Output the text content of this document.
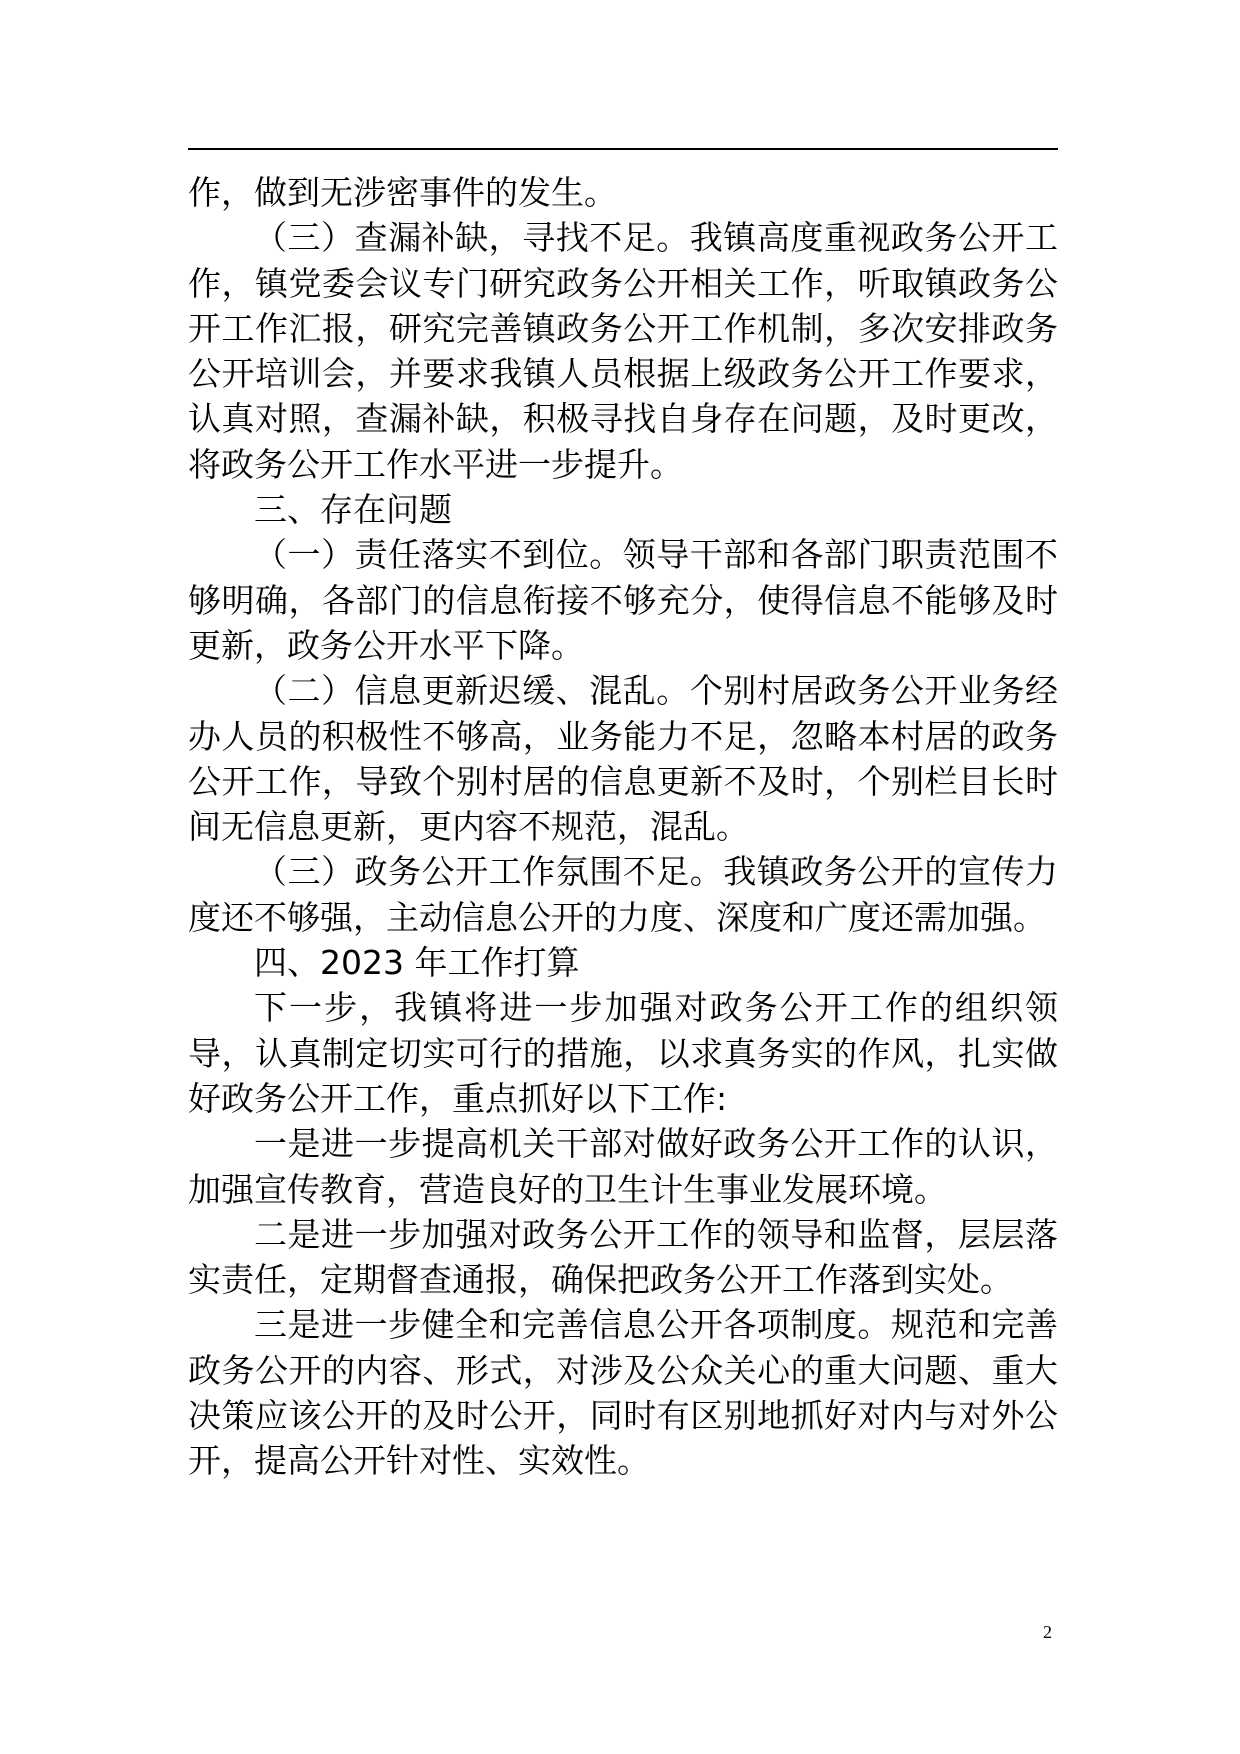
作，做到无涉密事件的发生。

（三）查漏补缺，寻找不足。我镇高度重视政务公开工作，镇党委会议专门研究政务公开相关工作，听取镇政务公开工作汇报，研究完善镇政务公开工作机制，多次安排政务公开培训会，并要求我镇人员根据上级政务公开工作要求，认真对照，查漏补缺，积极寻找自身存在问题，及时更改，将政务公开工作水平进一步提升。

三、存在问题

（一）责任落实不到位。领导干部和各部门职责范围不够明确，各部门的信息衔接不够充分，使得信息不能够及时更新，政务公开水平下降。

（二）信息更新迟缓、混乱。个别村居政务公开业务经办人员的积极性不够高，业务能力不足，忽略本村居的政务公开工作，导致个别村居的信息更新不及时，个别栏目长时间无信息更新，更内容不规范，混乱。

（三）政务公开工作氛围不足。我镇政务公开的宣传力度还不够强，主动信息公开的力度、深度和广度还需加强。

四、2023 年工作打算

下一步，我镇将进一步加强对政务公开工作的组织领导，认真制定切实可行的措施，以求真务实的作风，扎实做好政务公开工作，重点抓好以下工作:

一是进一步提高机关干部对做好政务公开工作的认识，加强宣传教育，营造良好的卫生计生事业发展环境。

二是进一步加强对政务公开工作的领导和监督，层层落实责任，定期督查通报，确保把政务公开工作落到实处。

三是进一步健全和完善信息公开各项制度。规范和完善政务公开的内容、形式，对涉及公众关心的重大问题、重大决策应该公开的及时公开，同时有区别地抓好对内与对外公开，提高公开针对性、实效性。

2
